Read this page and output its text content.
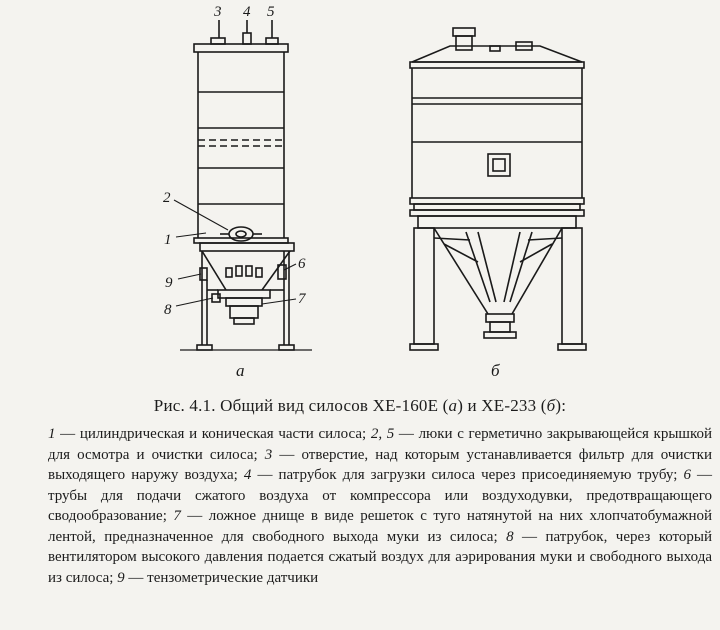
3 4 5
2
1
9
6
8
7
а	б
Рис. 4.1. Общий вид силосов ХЕ-160Е (а) и ХЕ-233 (б):
1 — цилиндрическая и коническая части силоса; 2, 5 — люки с герметично закрывающейся крышкой для осмотра и очистки силоса; 3 — отверстие, над которым устанавливается фильтр для очистки выходящего наружу воздуха; 4 — патрубок для загрузки силоса через присоединяемую трубу; 6 — трубы для подачи сжатого воздуха от компрессора или воздуходувки, предотвращающего сводообразование; 7 — ложное днище в виде решеток с туго натянутой на них хлопчатобумажной лентой, предназначенное для свободного выхода муки из силоса; 8 — патрубок, через который вентилятором высокого давления подается сжатый воздух для аэрирования муки и свободного выхода из силоса; 9 — тензометрические датчики
